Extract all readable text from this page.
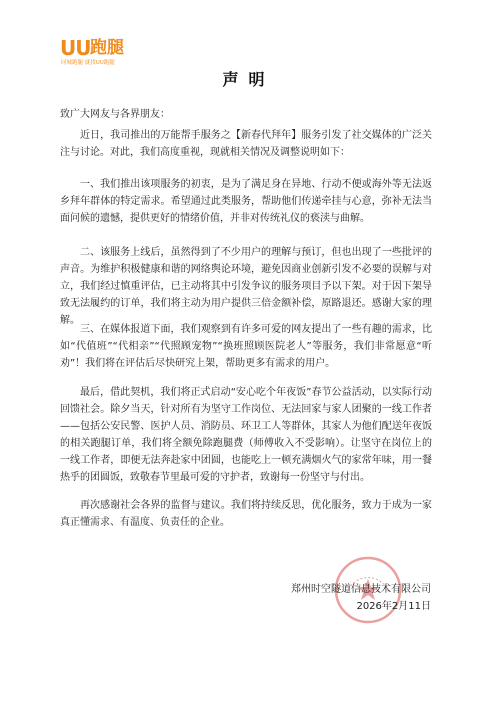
UU 跑腿
同城跑腿 就找UU跑腿
声明
致广大网友与各界朋友：
近日，我司推出的万能帮手服务之【新春代拜年】服务引发了社交媒体的广泛关注与讨论。对此，我们高度重视，现就相关情况及调整说明如下：
一、我们推出该项服务的初衷，是为了满足身在异地、行动不便或海外等无法返乡拜年群体的特定需求。希望通过此类服务，帮助他们传递牵挂与心意，弥补无法当面问候的遗憾，提供更好的情绪价值，并非对传统礼仪的亵渎与曲解。
二、该服务上线后，虽然得到了不少用户的理解与预订，但也出现了一些批评的声音。为维护积极健康和谐的网络舆论环境，避免因商业创新引发不必要的误解与对立，我们经过慎重评估，已主动将其中引发争议的服务项目予以下架。对于因下架导致无法履约的订单，我们将主动为用户提供三倍金额补偿，原路退还。感谢大家的理解。
三、在媒体报道下面，我们观察到有许多可爱的网友提出了一些有趣的需求，比如“代值班”“代相亲”“代照顾宠物”“换班照顾医院老人”等服务，我们非常愿意“听劝”！我们将在评估后尽快研究上架，帮助更多有需求的用户。
最后，借此契机，我们将正式启动“安心吃个年夜饭”春节公益活动，以实际行动回馈社会。除夕当天，针对所有为坚守工作岗位、无法回家与家人团聚的一线工作者——包括公安民警、医护人员、消防员、环卫工人等群体，其家人为他们配送年夜饭的相关跑腿订单，我们将全额免除跑腿费（师傅收入不受影响）。让坚守在岗位上的一线工作者，即便无法奔赴家中团圆，也能吃上一顿充满烟火气的家常年味，用一餐热乎的团圆饭，致敬春节里最可爱的守护者，致谢每一份坚守与付出。
再次感谢社会各界的监督与建议。我们将持续反思，优化服务，致力于成为一家真正懂需求、有温度、负责任的企业。
郑州时空隧道信息技术有限公司
2026年2月11日
